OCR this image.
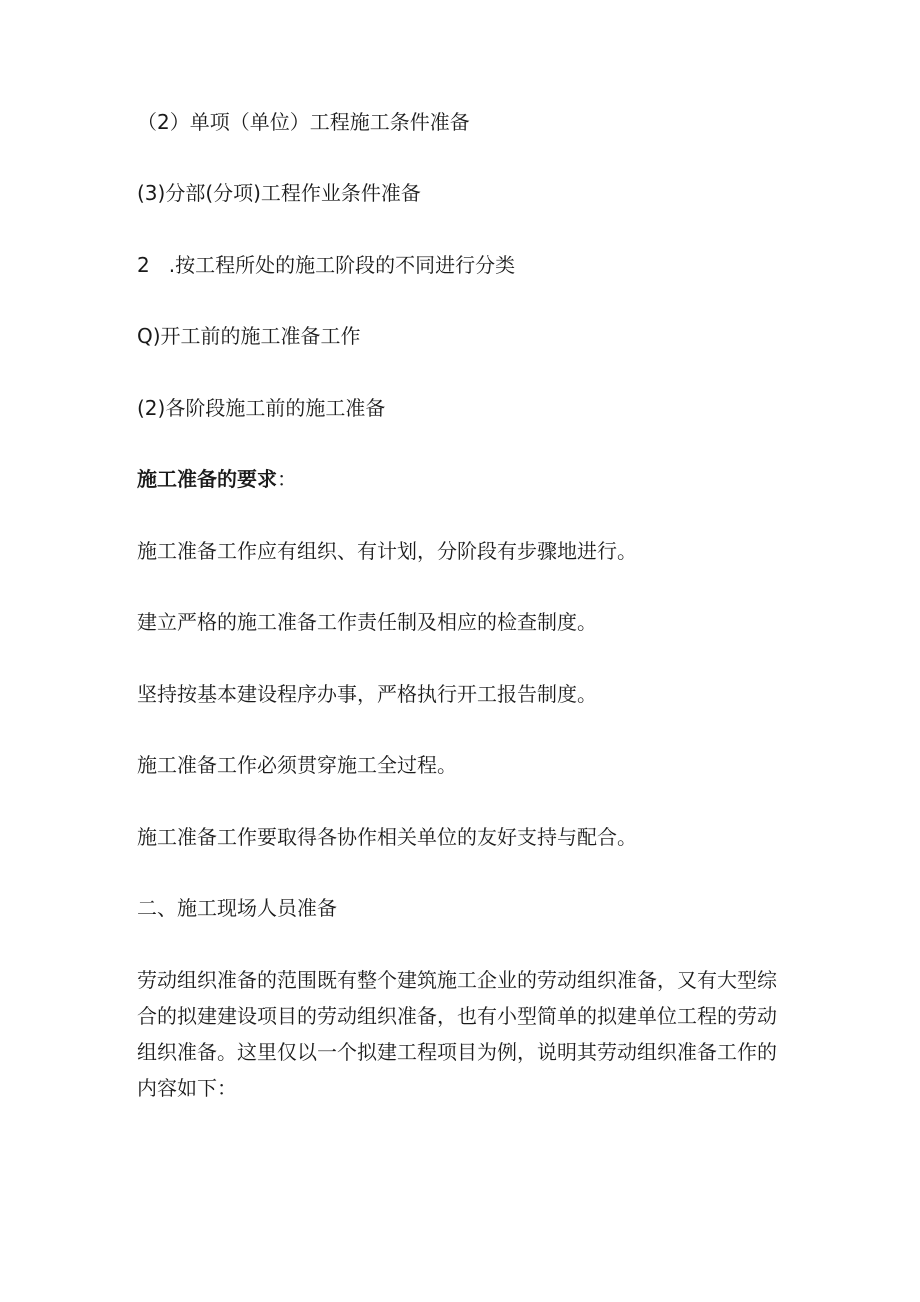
（2）单项（单位）工程施工条件准备
(3)分部(分项)工程作业条件准备
2   .按工程所处的施工阶段的不同进行分类
Q)开工前的施工准备工作
(2)各阶段施工前的施工准备
施工准备的要求：
施工准备工作应有组织、有计划，分阶段有步骤地进行。
建立严格的施工准备工作责任制及相应的检查制度。
坚持按基本建设程序办事，严格执行开工报告制度。
施工准备工作必须贯穿施工全过程。
施工准备工作要取得各协作相关单位的友好支持与配合。
二、施工现场人员准备
劳动组织准备的范围既有整个建筑施工企业的劳动组织准备，又有大型综
合的拟建建设项目的劳动组织准备，也有小型简单的拟建单位工程的劳动
组织准备。这里仅以一个拟建工程项目为例，说明其劳动组织准备工作的
内容如下：
